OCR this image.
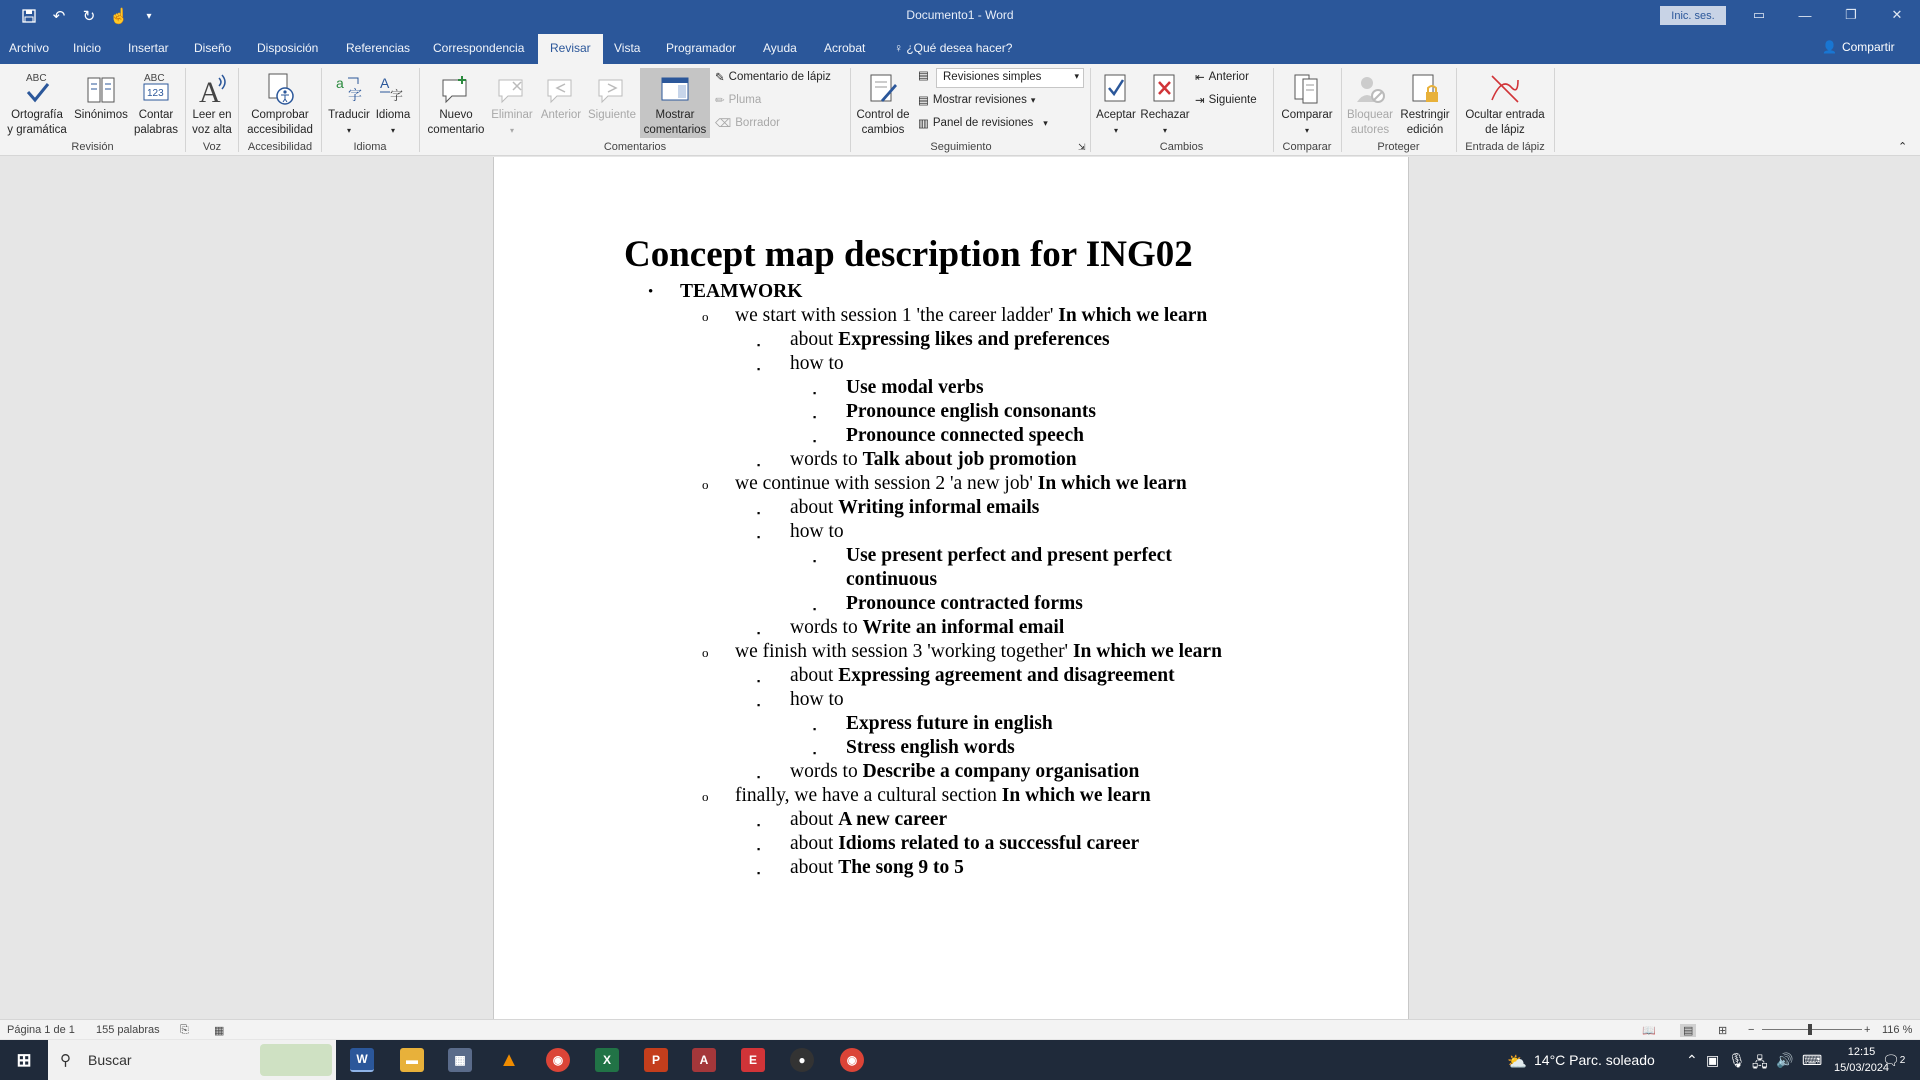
↶	↻ ☝	▾	Documento1 - Word	Inic. ses.	▭	—	❐	✕
Archivo Inicio Insertar Diseño Disposición Referencias Correspondencia	Revisar	Vista Programador Ayuda Acrobat ♀ ¿Qué desea hacer?	👤 Compartir
ABC
Ortografía
y gramática
Sinónimos
ABC
123
Contar
palabras
Revisión
A
Leer en
voz alta
Voz
Comprobar
accesibilidad
Accesibilidad
a
字
Traducir
▾
A
字
Idioma
▾
Idioma
Nuevo
comentario
Eliminar
▾
Anterior Siguiente	Mostrar
comentarios
✎ Comentario de lápiz
✏ Pluma
⌫ Borrador
Comentarios
Control de
cambios
▤	Revisiones simples	▾
▤ Mostrar revisiones ▾
▥ Panel de revisiones ▾
Seguimiento	⇲
Aceptar
▾
Rechazar
▾
⇤ Anterior
⇥ Siguiente
Cambios
Comparar
▾
Comparar
Bloquear
autores
Restringir
edición
Proteger
Ocultar entrada
de lápiz
Entrada de lápiz	⌃
Concept map description for ING02
• TEAMWORK
o we start with session 1 'the career ladder' In which we learn
▪ about Expressing likes and preferences
▪ how to
▪ Use modal verbs
▪ Pronounce english consonants
▪ Pronounce connected speech
▪ words to Talk about job promotion
o we continue with session 2 'a new job' In which we learn
▪ about Writing informal emails
▪ how to
▪ Use present perfect and present perfect
continuous
▪ Pronounce contracted forms
▪ words to Write an informal email
o we finish with session 3 'working together' In which we learn
▪ about Expressing agreement and disagreement
▪ how to
▪ Express future in english
▪ Stress english words
▪ words to Describe a company organisation
o finally, we have a cultural section In which we learn
▪ about A new career
▪ about Idioms related to a successful career
▪ about The song 9 to 5
Página 1 de 1 155 palabras ⎘ ▦	📖 ▤ ⊞ −	+ 116 %
⊞ ⚲ Buscar	W	▬	▦	▲	◉	X	P	A	E	●	◉	⛅ 14°C Parc. soleado ⌃ ▣ 🎙 🖧 🔊 ⌨	12:15
15/03/2024
🗨2
